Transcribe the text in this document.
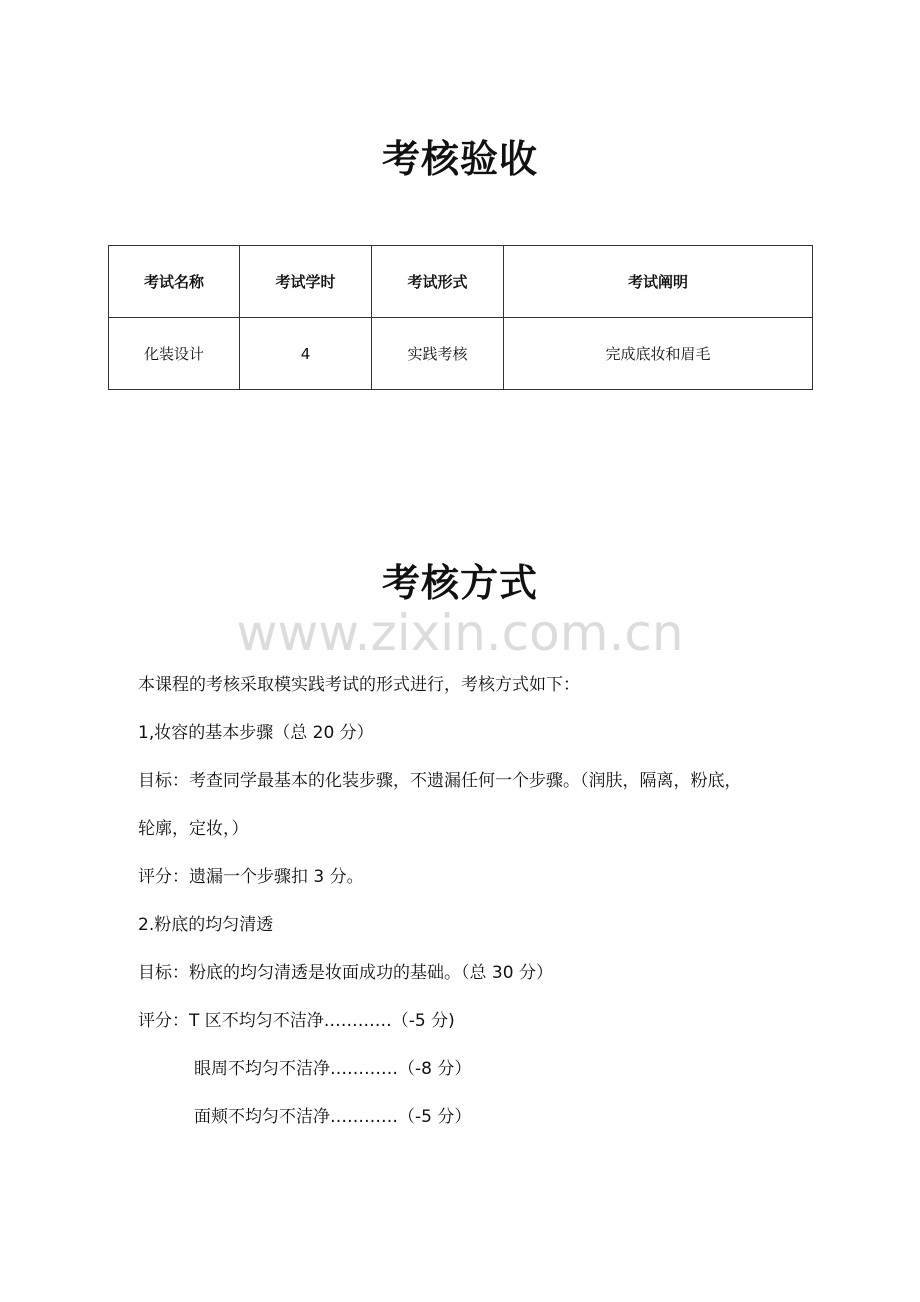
考核验收
考试名称	考试学时	考试形式	考试阐明
化装设计	4	实践考核	完成底妆和眉毛
考核方式
www.zixin.com.cn
本课程的考核采取模实践考试的形式进行，考核方式如下：
1,妆容的基本步骤（总 20 分）
目标：考查同学最基本的化装步骤，不遗漏任何一个步骤。（润肤，隔离，粉底，
轮廓，定妆，）
评分：遗漏一个步骤扣 3 分。
2.粉底的均匀清透
目标：粉底的均匀清透是妆面成功的基础。（总 30 分）
评分：T 区不均匀不洁净…………（-5 分)
眼周不均匀不洁净…………（-8 分）
面颊不均匀不洁净…………（-5 分）
